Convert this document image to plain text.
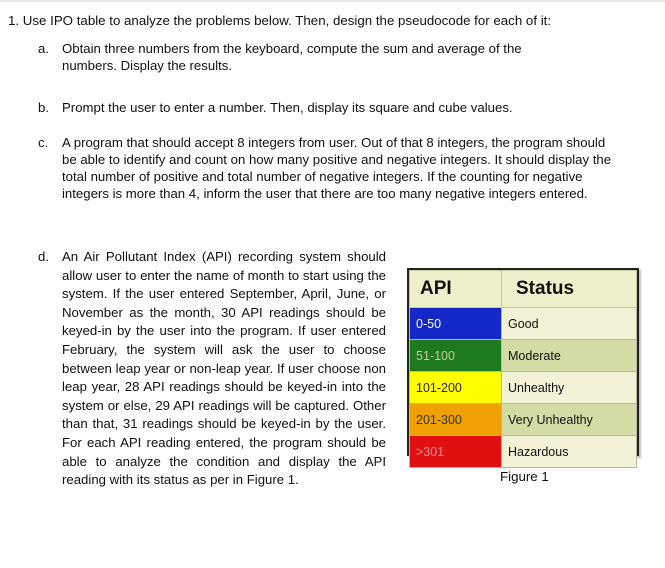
1. Use IPO table to analyze the problems below. Then, design the pseudocode for each of it:
a. Obtain three numbers from the keyboard, compute the sum and average of the numbers. Display the results.
b. Prompt the user to enter a number. Then, display its square and cube values.
c. A program that should accept 8 integers from user. Out of that 8 integers, the program should be able to identify and count on how many positive and negative integers. It should display the total number of positive and total number of negative integers. If the counting for negative integers is more than 4, inform the user that there are too many negative integers entered.
d. An Air Pollutant Index (API) recording system should allow user to enter the name of month to start using the system. If the user entered September, April, June, or November as the month, 30 API readings should be keyed-in by the user into the program. If user entered February, the system will ask the user to choose between leap year or non-leap year. If user choose non leap year, 28 API readings should be keyed-in into the system or else, 29 API readings will be captured. Other than that, 31 readings should be keyed-in by the user. For each API reading entered, the program should be able to analyze the condition and display the API reading with its status as per in Figure 1.
API	Status
0-50	Good
51-100	Moderate
101-200	Unhealthy
201-300	Very Unhealthy
>301	Hazardous
Figure 1
